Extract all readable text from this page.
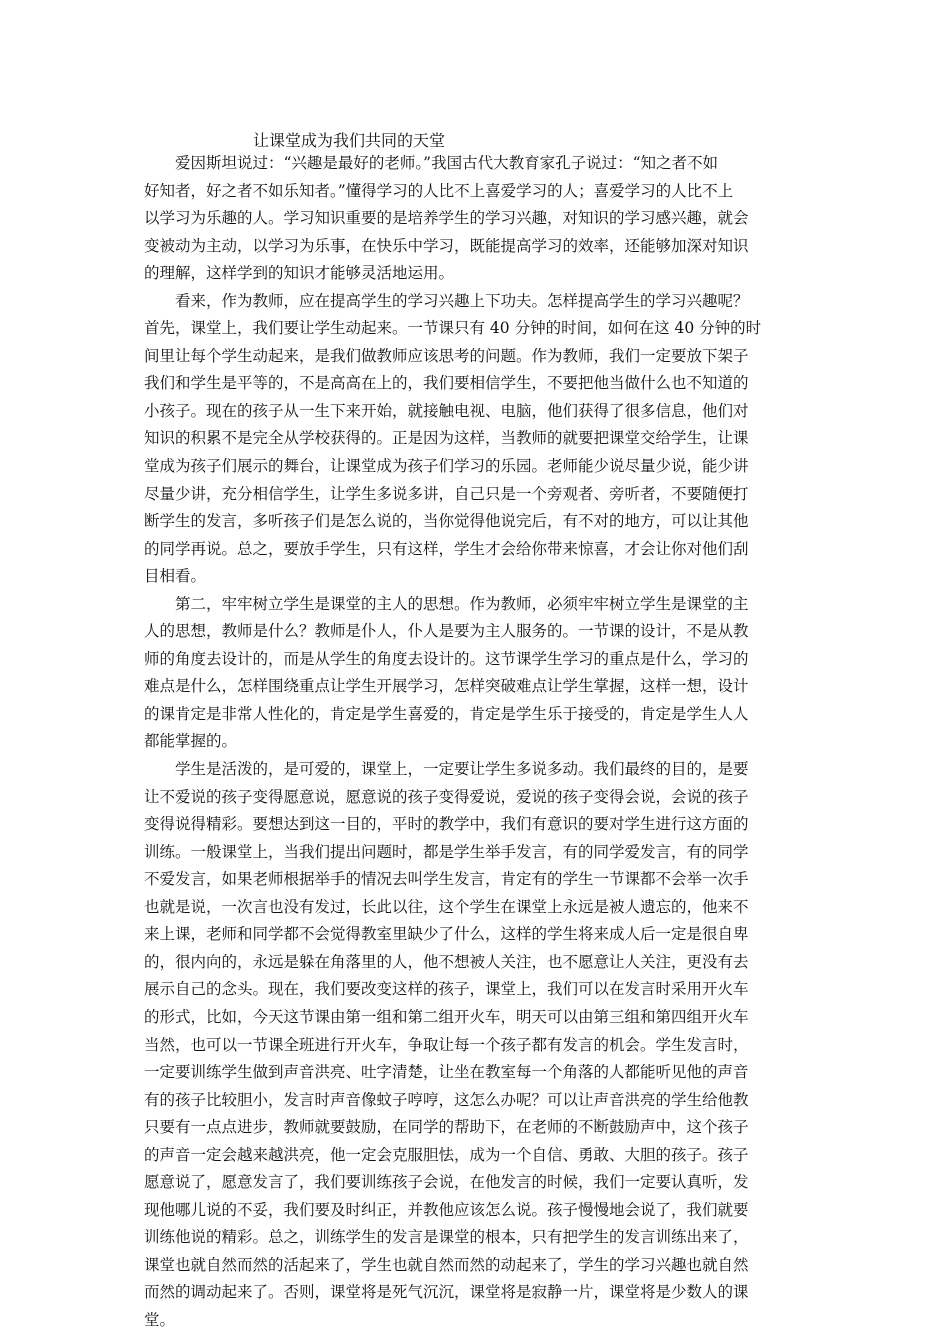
让课堂成为我们共同的天堂
　　爱因斯坦说过：“兴趣是最好的老师。”我国古代大教育家孔子说过：“知之者不如
好知者，好之者不如乐知者。”懂得学习的人比不上喜爱学习的人；喜爱学习的人比不上
以学习为乐趣的人。学习知识重要的是培养学生的学习兴趣，对知识的学习感兴趣，就会
变被动为主动，以学习为乐事，在快乐中学习，既能提高学习的效率，还能够加深对知识
的理解，这样学到的知识才能够灵活地运用。
　　看来，作为教师，应在提高学生的学习兴趣上下功夫。怎样提高学生的学习兴趣呢？
首先，课堂上，我们要让学生动起来。一节课只有 40 分钟的时间，如何在这 40 分钟的时
间里让每个学生动起来，是我们做教师应该思考的问题。作为教师，我们一定要放下架子
我们和学生是平等的，不是高高在上的，我们要相信学生，不要把他当做什么也不知道的
小孩子。现在的孩子从一生下来开始，就接触电视、电脑，他们获得了很多信息，他们对
知识的积累不是完全从学校获得的。正是因为这样，当教师的就要把课堂交给学生，让课
堂成为孩子们展示的舞台，让课堂成为孩子们学习的乐园。老师能少说尽量少说，能少讲
尽量少讲，充分相信学生，让学生多说多讲，自己只是一个旁观者、旁听者，不要随便打
断学生的发言，多听孩子们是怎么说的，当你觉得他说完后，有不对的地方，可以让其他
的同学再说。总之，要放手学生，只有这样，学生才会给你带来惊喜，才会让你对他们刮
目相看。
　　第二，牢牢树立学生是课堂的主人的思想。作为教师，必须牢牢树立学生是课堂的主
人的思想，教师是什么？教师是仆人，仆人是要为主人服务的。一节课的设计，不是从教
师的角度去设计的，而是从学生的角度去设计的。这节课学生学习的重点是什么，学习的
难点是什么，怎样围绕重点让学生开展学习，怎样突破难点让学生掌握，这样一想，设计
的课肯定是非常人性化的，肯定是学生喜爱的，肯定是学生乐于接受的，肯定是学生人人
都能掌握的。
　　学生是活泼的，是可爱的，课堂上，一定要让学生多说多动。我们最终的目的，是要
让不爱说的孩子变得愿意说，愿意说的孩子变得爱说，爱说的孩子变得会说，会说的孩子
变得说得精彩。要想达到这一目的，平时的教学中，我们有意识的要对学生进行这方面的
训练。一般课堂上，当我们提出问题时，都是学生举手发言，有的同学爱发言，有的同学
不爱发言，如果老师根据举手的情况去叫学生发言，肯定有的学生一节课都不会举一次手
也就是说，一次言也没有发过，长此以往，这个学生在课堂上永远是被人遗忘的，他来不
来上课，老师和同学都不会觉得教室里缺少了什么，这样的学生将来成人后一定是很自卑
的，很内向的，永远是躲在角落里的人，他不想被人关注，也不愿意让人关注，更没有去
展示自己的念头。现在，我们要改变这样的孩子，课堂上，我们可以在发言时采用开火车
的形式，比如，今天这节课由第一组和第二组开火车，明天可以由第三组和第四组开火车
当然，也可以一节课全班进行开火车，争取让每一个孩子都有发言的机会。学生发言时，
一定要训练学生做到声音洪亮、吐字清楚，让坐在教室每一个角落的人都能听见他的声音
有的孩子比较胆小，发言时声音像蚊子哼哼，这怎么办呢？可以让声音洪亮的学生给他教
只要有一点点进步，教师就要鼓励，在同学的帮助下，在老师的不断鼓励声中，这个孩子
的声音一定会越来越洪亮，他一定会克服胆怯，成为一个自信、勇敢、大胆的孩子。孩子
愿意说了，愿意发言了，我们要训练孩子会说，在他发言的时候，我们一定要认真听，发
现他哪儿说的不妥，我们要及时纠正，并教他应该怎么说。孩子慢慢地会说了，我们就要
训练他说的精彩。总之，训练学生的发言是课堂的根本，只有把学生的发言训练出来了，
课堂也就自然而然的活起来了，学生也就自然而然的动起来了，学生的学习兴趣也就自然
而然的调动起来了。否则，课堂将是死气沉沉，课堂将是寂静一片，课堂将是少数人的课
堂。
